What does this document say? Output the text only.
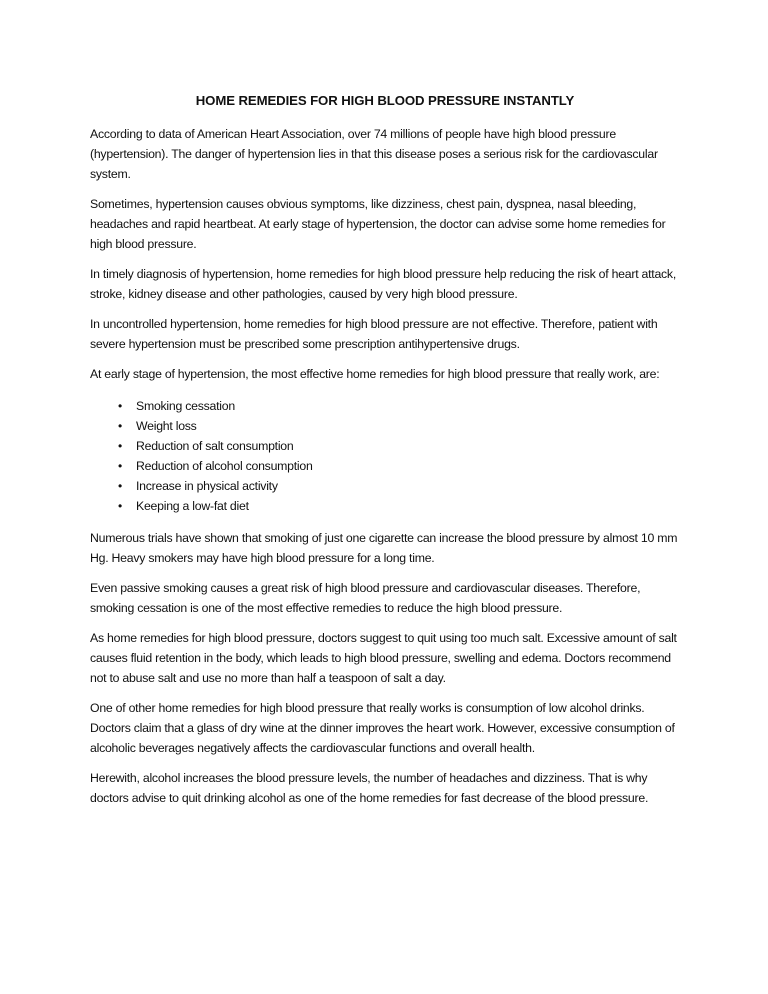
HOME REMEDIES FOR HIGH BLOOD PRESSURE INSTANTLY

According to data of American Heart Association, over 74 millions of people have high blood pressure (hypertension). The danger of hypertension lies in that this disease poses a serious risk for the cardiovascular system.

Sometimes, hypertension causes obvious symptoms, like dizziness, chest pain, dyspnea, nasal bleeding, headaches and rapid heartbeat. At early stage of hypertension, the doctor can advise some home remedies for high blood pressure.

In timely diagnosis of hypertension, home remedies for high blood pressure help reducing the risk of heart attack, stroke, kidney disease and other pathologies, caused by very high blood pressure.

In uncontrolled hypertension, home remedies for high blood pressure are not effective. Therefore, patient with severe hypertension must be prescribed some prescription antihypertensive drugs.

At early stage of hypertension, the most effective home remedies for high blood pressure that really work, are:

• Smoking cessation
• Weight loss
• Reduction of salt consumption
• Reduction of alcohol consumption
• Increase in physical activity
• Keeping a low-fat diet

Numerous trials have shown that smoking of just one cigarette can increase the blood pressure by almost 10 mm Hg. Heavy smokers may have high blood pressure for a long time.

Even passive smoking causes a great risk of high blood pressure and cardiovascular diseases. Therefore, smoking cessation is one of the most effective remedies to reduce the high blood pressure.

As home remedies for high blood pressure, doctors suggest to quit using too much salt. Excessive amount of salt causes fluid retention in the body, which leads to high blood pressure, swelling and edema. Doctors recommend not to abuse salt and use no more than half a teaspoon of salt a day.

One of other home remedies for high blood pressure that really works is consumption of low alcohol drinks. Doctors claim that a glass of dry wine at the dinner improves the heart work. However, excessive consumption of alcoholic beverages negatively affects the cardiovascular functions and overall health.

Herewith, alcohol increases the blood pressure levels, the number of headaches and dizziness. That is why doctors advise to quit drinking alcohol as one of the home remedies for fast decrease of the blood pressure.
